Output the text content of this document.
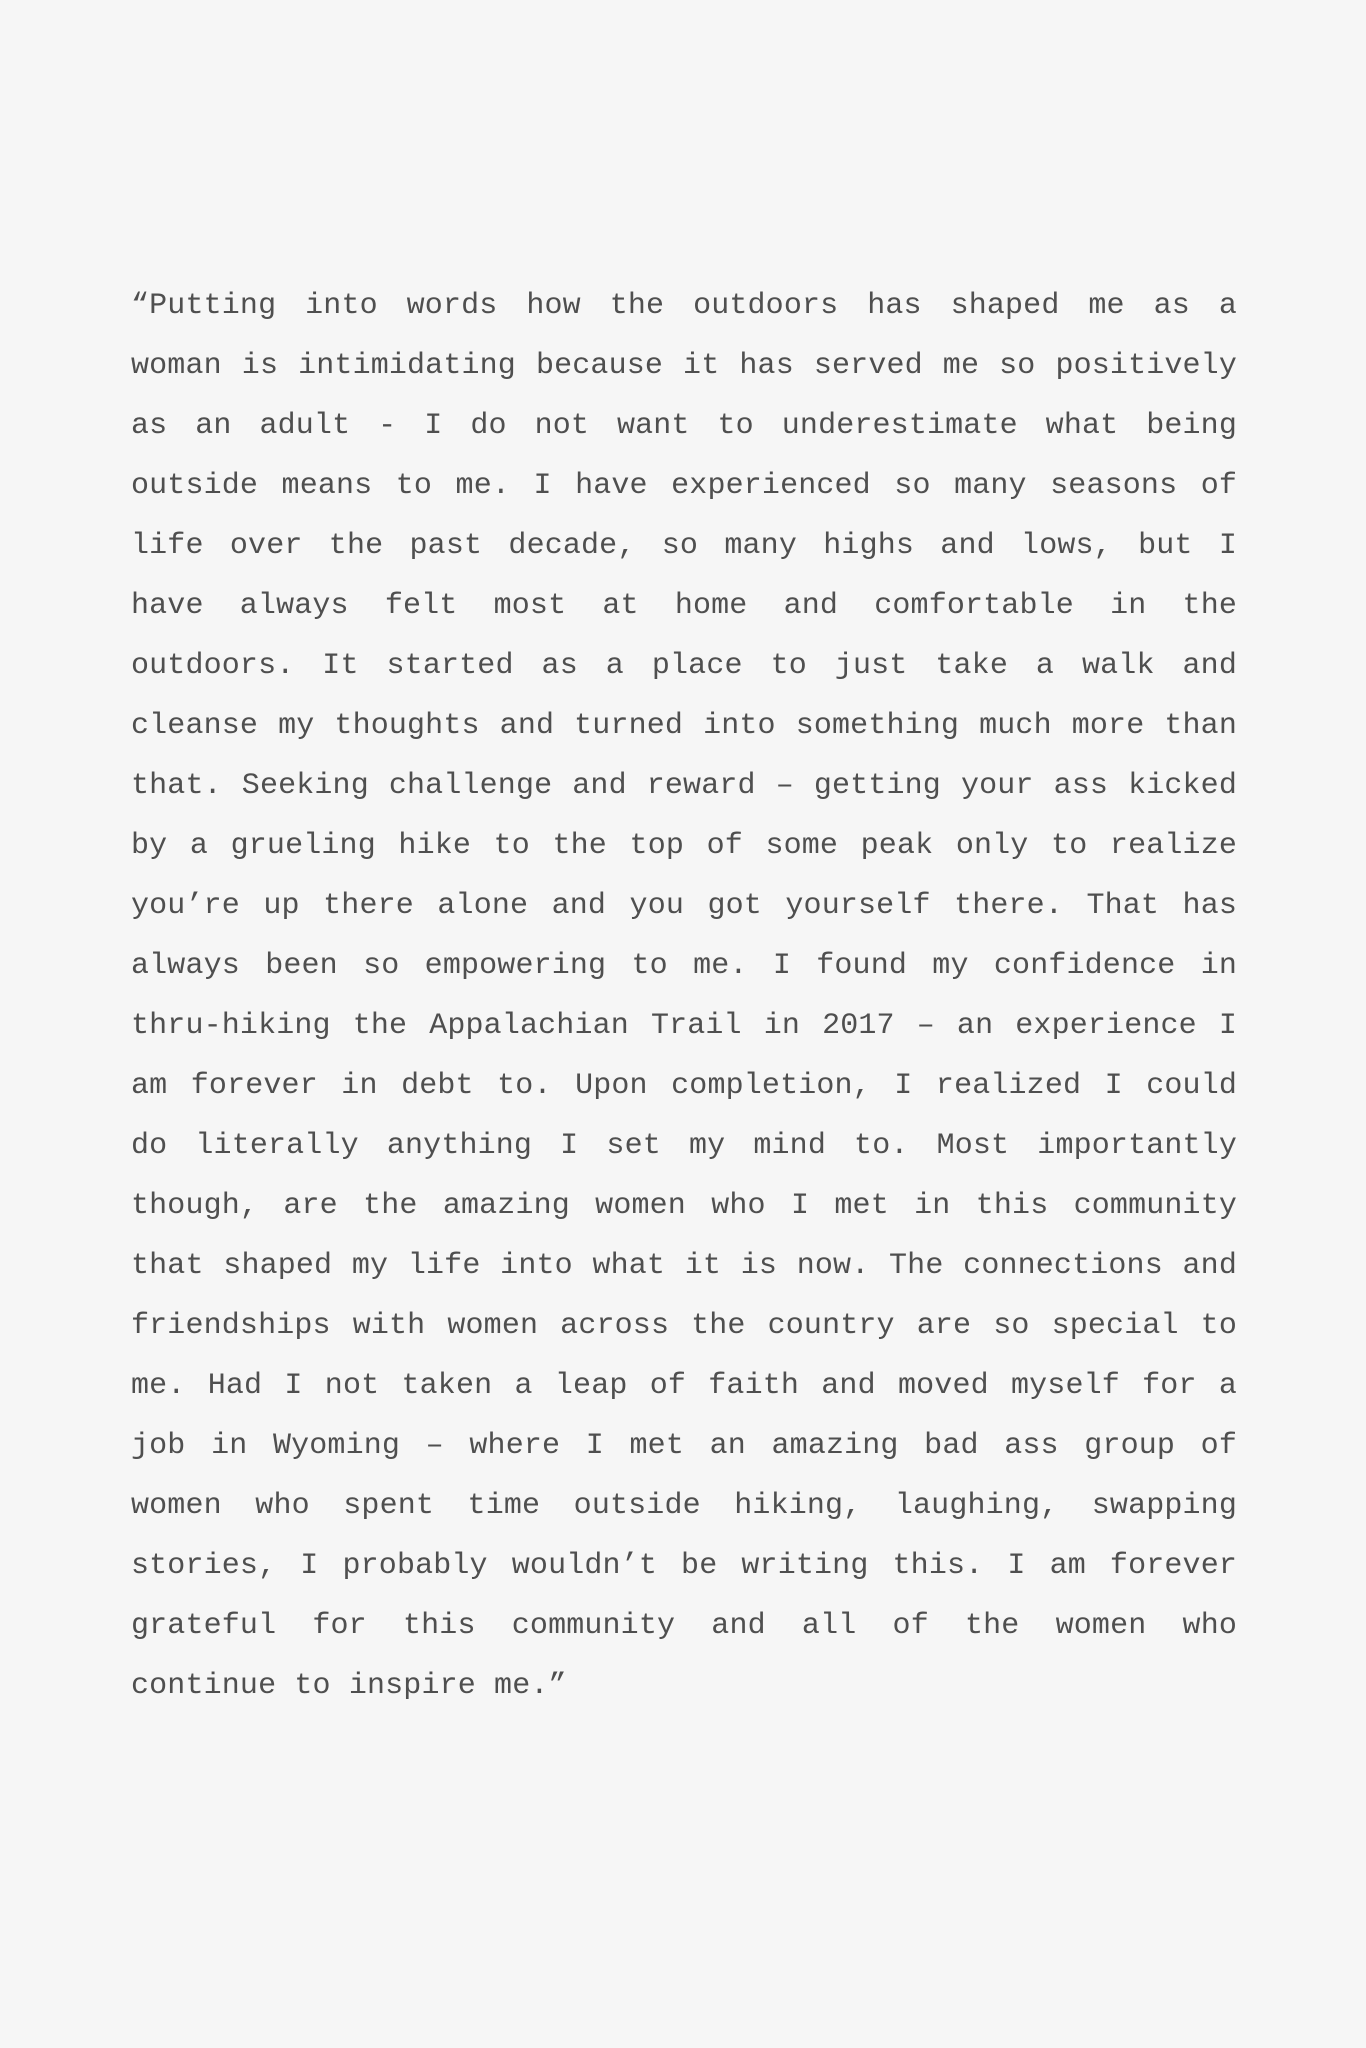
“Putting into words how the outdoors has shaped me as a woman is intimidating because it has served me so positively as an adult - I do not want to underestimate what being outside means to me. I have experienced so many seasons of life over the past decade, so many highs and lows, but I have always felt most at home and comfortable in the outdoors. It started as a place to just take a walk and cleanse my thoughts and turned into something much more than that. Seeking challenge and reward – getting your ass kicked by a grueling hike to the top of some peak only to realize you’re up there alone and you got yourself there. That has always been so empowering to me. I found my confidence in thru-hiking the Appalachian Trail in 2017 – an experience I am forever in debt to. Upon completion, I realized I could do literally anything I set my mind to. Most importantly though, are the amazing women who I met in this community that shaped my life into what it is now. The connections and friendships with women across the country are so special to me. Had I not taken a leap of faith and moved myself for a job in Wyoming – where I met an amazing bad ass group of women who spent time outside hiking, laughing, swapping stories, I probably wouldn’t be writing this. I am forever grateful for this community and all of the women who continue to inspire me.”
